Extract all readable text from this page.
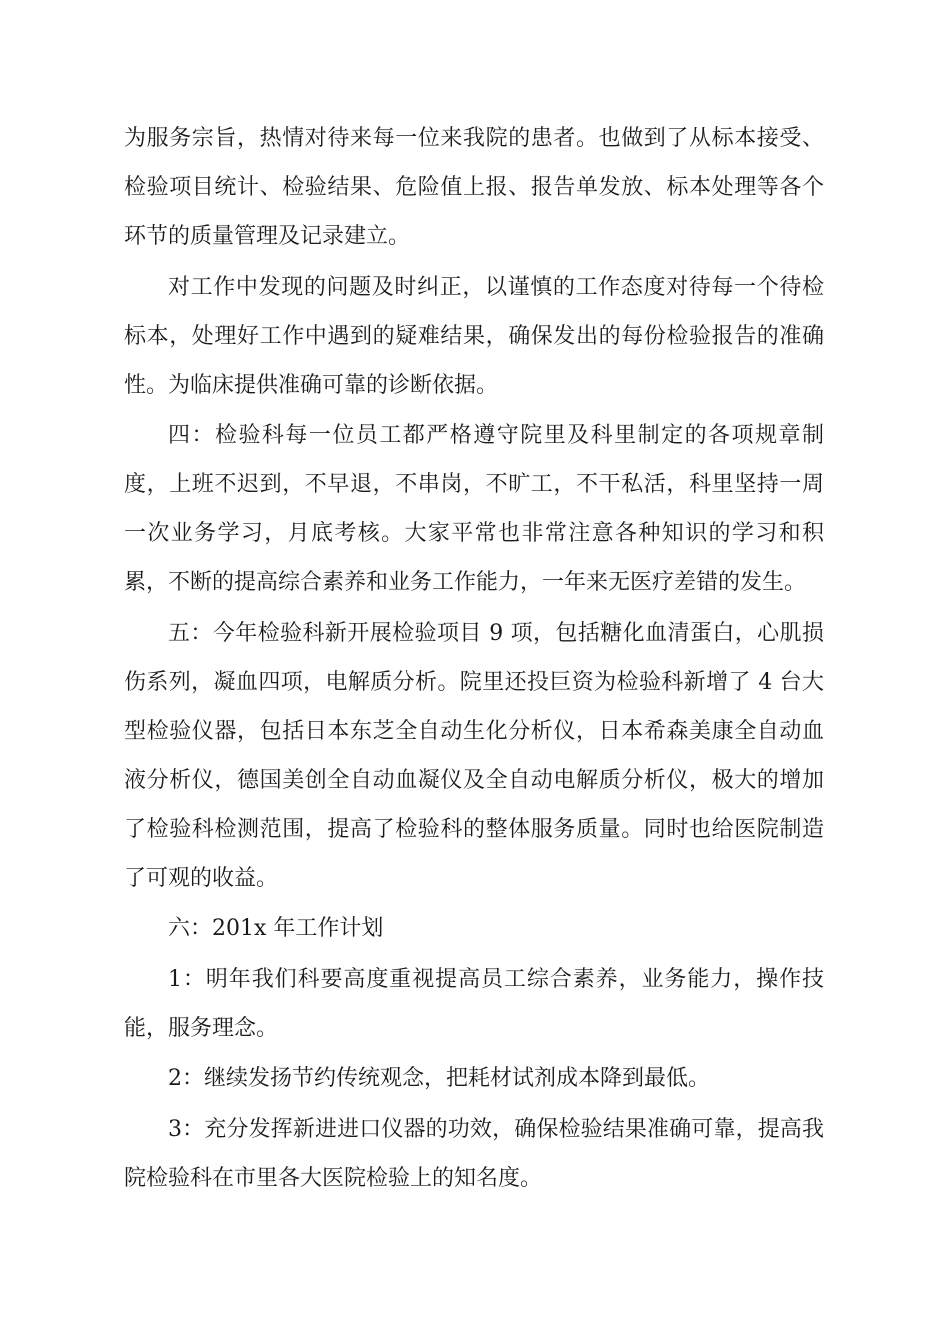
为服务宗旨，热情对待来每一位来我院的患者。也做到了从标本接受、检验项目统计、检验结果、危险值上报、报告单发放、标本处理等各个环节的质量管理及记录建立。

对工作中发现的问题及时纠正，以谨慎的工作态度对待每一个待检标本，处理好工作中遇到的疑难结果，确保发出的每份检验报告的准确性。为临床提供准确可靠的诊断依据。

四：检验科每一位员工都严格遵守院里及科里制定的各项规章制度，上班不迟到，不早退，不串岗，不旷工，不干私活，科里坚持一周一次业务学习，月底考核。大家平常也非常注意各种知识的学习和积累，不断的提高综合素养和业务工作能力，一年来无医疗差错的发生。

五：今年检验科新开展检验项目 9 项，包括糖化血清蛋白，心肌损伤系列，凝血四项，电解质分析。院里还投巨资为检验科新增了 4 台大型检验仪器，包括日本东芝全自动生化分析仪，日本希森美康全自动血液分析仪，德国美创全自动血凝仪及全自动电解质分析仪，极大的增加了检验科检测范围，提高了检验科的整体服务质量。同时也给医院制造了可观的收益。

六：201x 年工作计划

1：明年我们科要高度重视提高员工综合素养，业务能力，操作技能，服务理念。

2：继续发扬节约传统观念，把耗材试剂成本降到最低。

3：充分发挥新进进口仪器的功效，确保检验结果准确可靠，提高我院检验科在市里各大医院检验上的知名度。
